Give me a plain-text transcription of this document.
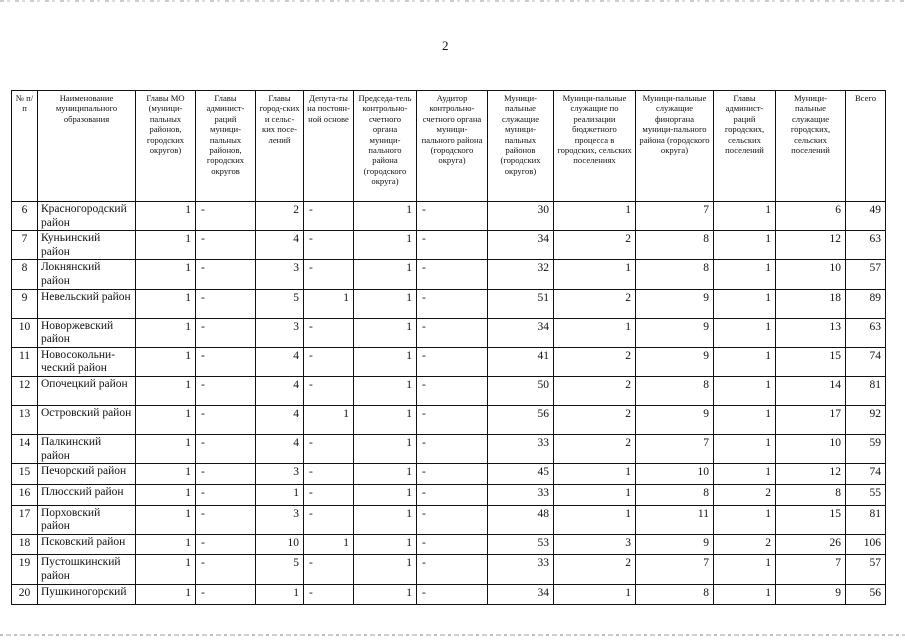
2
№ п/п	Наименование муниципального образования	Главы МО (муници-пальных районов, городских округов)	Главы админист-раций муници-пальных районов, городских округов	Главы город-ских и сельс-ких посе-лений	Депута-ты на постоян-ной основе	Председа-тель контрольно-счетного органа муници-пального района (городского округа)	Аудитор контрольно-счетного органа муници-пального района (городского округа)	Муници-пальные служащие муници-пальных районов (городских округов)	Муници-пальные служащие по реализации бюджетного процесса в городских, сельских поселениях	Муници-пальные служащие финоргана муници-пального района (городского округа)	Главы админист-раций городских, сельских поселений	Муници-пальные служащие городских, сельских поселений	Всего
6	Красногородский район	1	-	2	-	1	-	30	1	7	1	6	49
7	Куньинский район	1	-	4	-	1	-	34	2	8	1	12	63
8	Локнянский район	1	-	3	-	1	-	32	1	8	1	10	57
9	Невельский район	1	-	5	1	1	-	51	2	9	1	18	89
10	Новоржевский район	1	-	3	-	1	-	34	1	9	1	13	63
11	Новосокольни-ческий район	1	-	4	-	1	-	41	2	9	1	15	74
12	Опочецкий район	1	-	4	-	1	-	50	2	8	1	14	81
13	Островский район	1	-	4	1	1	-	56	2	9	1	17	92
14	Палкинский район	1	-	4	-	1	-	33	2	7	1	10	59
15	Печорский район	1	-	3	-	1	-	45	1	10	1	12	74
16	Плюсский район	1	-	1	-	1	-	33	1	8	2	8	55
17	Порховский район	1	-	3	-	1	-	48	1	11	1	15	81
18	Псковский район	1	-	10	1	1	-	53	3	9	2	26	106
19	Пустошкинский район	1	-	5	-	1	-	33	2	7	1	7	57
20	Пушкиногорский	1	-	1	-	1	-	34	1	8	1	9	56
